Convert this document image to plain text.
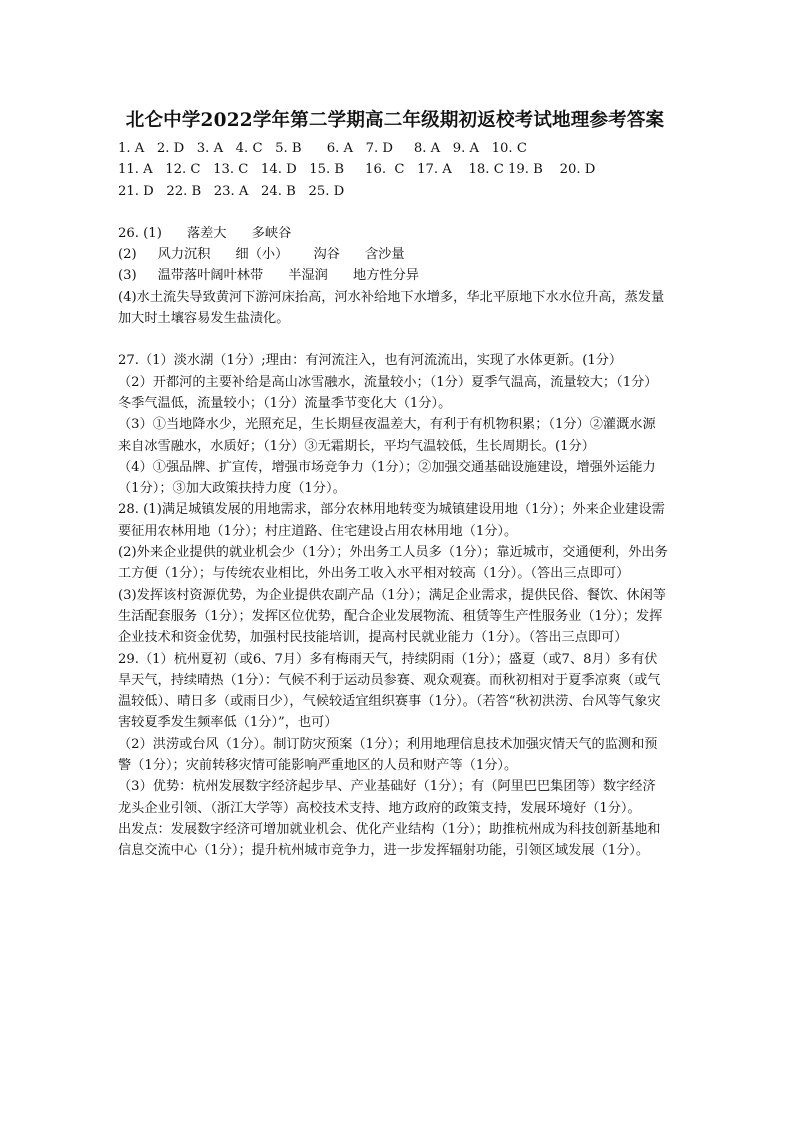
北仑中学2022学年第二学期高二年级期初返校考试地理参考答案
1. A   2. D   3. A   4. C   5. B      6. A   7. D     8. A   9. A   10. C
11. A   12. C   13. C   14. D   15. B     16.  C   17. A    18. C 19. B    20. D
21. D   22. B   23. A   24. B   25. D
26. (1)      落差大      多峡谷
(2)     风力沉积      细（小）      沟谷      含沙量
(3)     温带落叶阔叶林带      半湿润      地方性分异
(4)水土流失导致黄河下游河床抬高，河水补给地下水增多，华北平原地下水水位升高，蒸发量加大时土壤容易发生盐渍化。
27.（1）淡水湖（1分）;理由：有河流注入，也有河流流出，实现了水体更新。(1分）
（2）开都河的主要补给是高山冰雪融水，流量较小；（1分）夏季气温高，流量较大；（1分）冬季气温低，流量较小；（1分）流量季节变化大（1分）。
（3）①当地降水少，光照充足，生长期昼夜温差大，有利于有机物积累；（1分）②灌溉水源来自冰雪融水，水质好；（1分）③无霜期长，平均气温较低，生长周期长。(1分）
（4）①强品牌、扩宣传，增强市场竞争力（1分）；②加强交通基础设施建设，增强外运能力（1分）；③加大政策扶持力度（1分）。
28. (1)满足城镇发展的用地需求，部分农林用地转变为城镇建设用地（1分）；外来企业建设需要征用农林用地（1分）；村庄道路、住宅建设占用农林用地（1分）。
(2)外来企业提供的就业机会少（1分）；外出务工人员多（1分）；靠近城市，交通便利，外出务工方便（1分）；与传统农业相比，外出务工收入水平相对较高（1分）。（答出三点即可）
(3)发挥该村资源优势，为企业提供农副产品（1分）；满足企业需求，提供民俗、餐饮、休闲等生活配套服务（1分）；发挥区位优势，配合企业发展物流、租赁等生产性服务业（1分）；发挥企业技术和资金优势，加强村民技能培训，提高村民就业能力（1分）。（答出三点即可）
29.（1）杭州夏初（或6、7月）多有梅雨天气，持续阴雨（1分）；盛夏（或7、8月）多有伏旱天气，持续晴热（1分）：气候不利于运动员参赛、观众观赛。而秋初相对于夏季凉爽（或气温较低）、晴日多（或雨日少），气候较适宜组织赛事（1分）。（若答“秋初洪涝、台风等气象灾害较夏季发生频率低（1分）”，也可）
（2）洪涝或台风（1分）。制订防灾预案（1分）；利用地理信息技术加强灾情天气的监测和预警（1分）；灾前转移灾情可能影响严重地区的人员和财产等（1分）。
（3）优势：杭州发展数字经济起步早、产业基础好（1分）；有（阿里巴巴集团等）数字经济龙头企业引领、（浙江大学等）高校技术支持、地方政府的政策支持，发展环境好（1分）。
出发点：发展数字经济可增加就业机会、优化产业结构（1分）；助推杭州成为科技创新基地和信息交流中心（1分）；提升杭州城市竞争力，进一步发挥辐射功能，引领区域发展（1分）。
